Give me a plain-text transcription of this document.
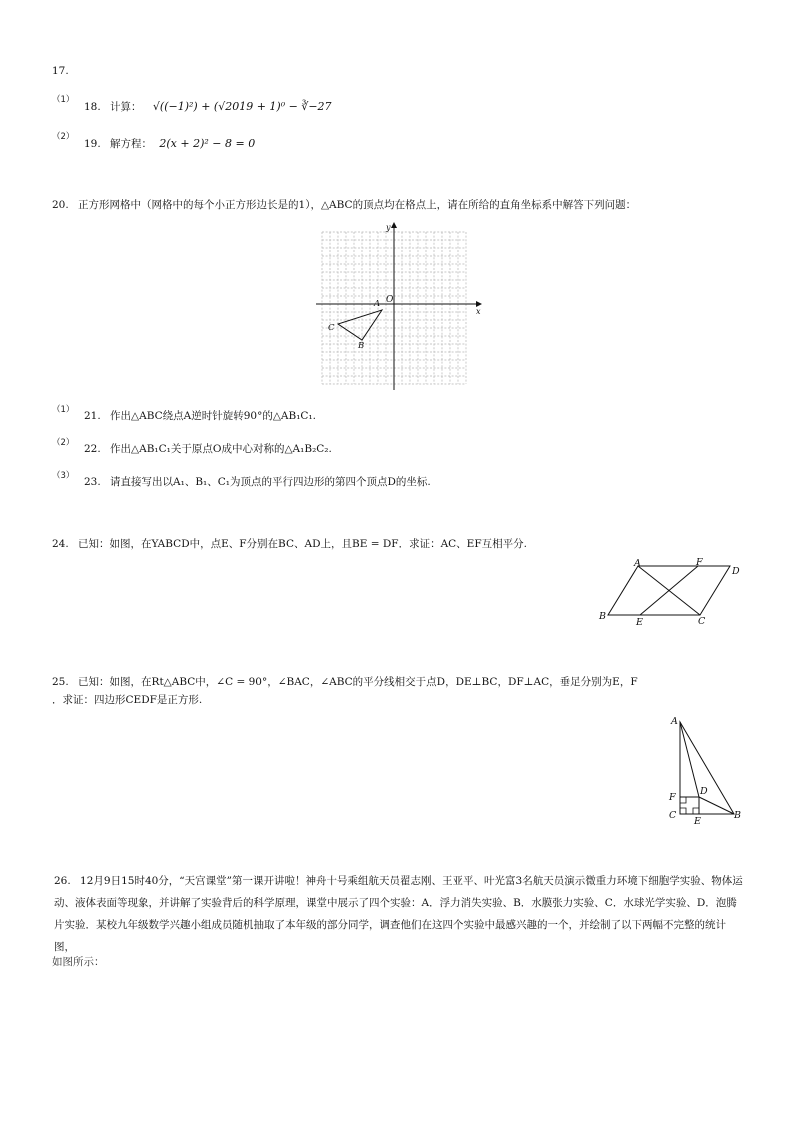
17.
（1）
18. 计算： √((−1)²) + (√2019 + 1)⁰ − ∛−27
（2）
19. 解方程： 2(x + 2)² − 8 = 0
20. 正方形网格中（网格中的每个小正方形边长是的1），△ABC的顶点均在格点上，请在所给的直角坐标系中解答下列问题：
y
x
O
A
B
C
（1） 21. 作出△ABC绕点A逆时针旋转90°的△AB₁C₁.
（2） 22. 作出△AB₁C₁关于原点O成中心对称的△A₁B₂C₂.
（3） 23. 请直接写出以A₁、B₁、C₁为顶点的平行四边形的第四个顶点D的坐标.
24. 已知：如图，在YABCD中，点E、F分别在BC、AD上，且BE = DF．求证：AC、EF互相平分.
A	F
D
B
E	C
25. 已知：如图，在Rt△ABC中，∠C = 90°，∠BAC，∠ABC的平分线相交于点D，DE⊥BC，DF⊥AC，垂足分别为E，F
．求证：四边形CEDF是正方形.
A
F
D
C
E
B
26. 12月9日15时40分，“天宫课堂”第一课开讲啦！神舟十号乘组航天员翟志刚、王亚平、叶光富3名航天员演示微重力环境下细胞学实验、物体运动、液体表面等现象，并讲解了实验背后的科学原理，课堂中展示了四个实验：A．浮力消失实验、B．水膜张力实验、C．水球光学实验、D．泡腾片实验．某校九年级数学兴趣小组成员随机抽取了本年级的部分同学，调查他们在这四个实验中最感兴趣的一个，并绘制了以下两幅不完整的统计图，
如图所示：
